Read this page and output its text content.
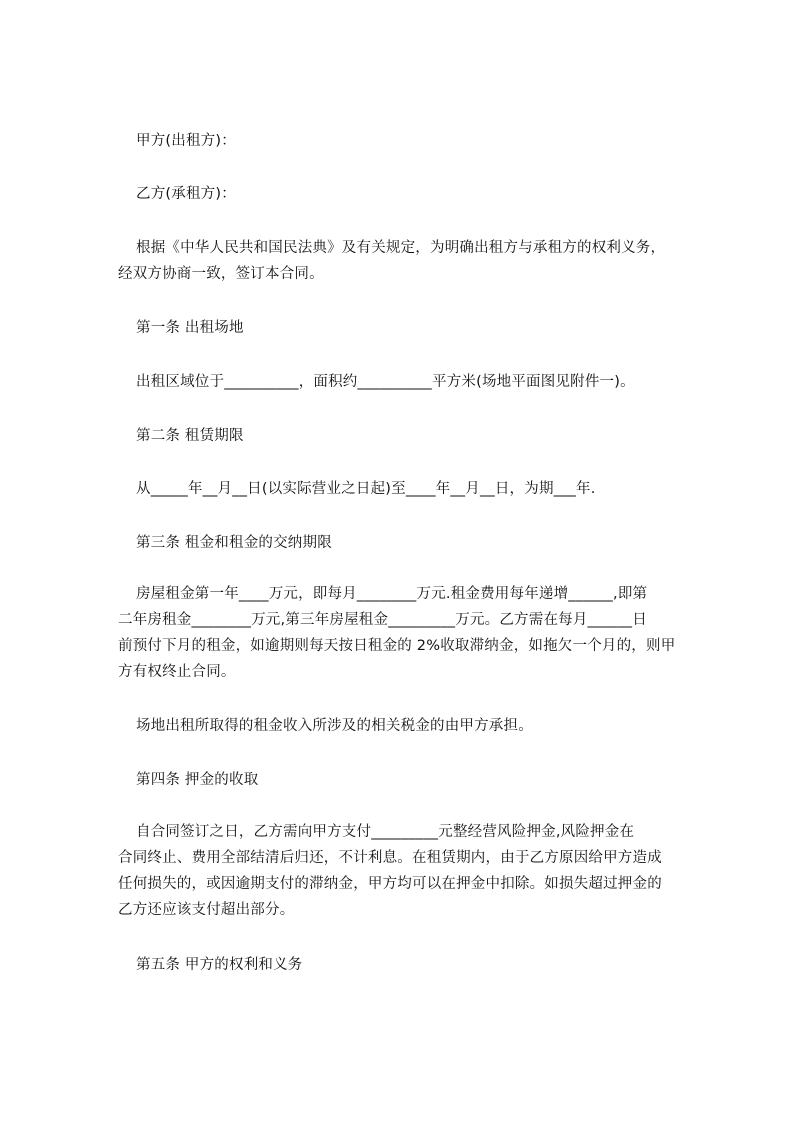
甲方(出租方)：
乙方(承租方)：
根据《中华人民共和国民法典》及有关规定，为明确出租方与承租方的权利义务，
经双方协商一致，签订本合同。
第一条 出租场地
出租区域位于__________，面积约__________平方米(场地平面图见附件一)。
第二条 租赁期限
从_____年__月__日(以实际营业之日起)至____年__月__日，为期___年.
第三条 租金和租金的交纳期限
房屋租金第一年____万元，即每月________万元.租金费用每年递增______,即第
二年房租金________万元,第三年房屋租金_________万元。乙方需在每月______日
前预付下月的租金，如逾期则每天按日租金的 2%收取滞纳金，如拖欠一个月的，则甲
方有权终止合同。
场地出租所取得的租金收入所涉及的相关税金的由甲方承担。
第四条 押金的收取
自合同签订之日，乙方需向甲方支付_________元整经营风险押金,风险押金在
合同终止、费用全部结清后归还，不计利息。在租赁期内，由于乙方原因给甲方造成
任何损失的，或因逾期支付的滞纳金，甲方均可以在押金中扣除。如损失超过押金的
乙方还应该支付超出部分。
第五条 甲方的权利和义务
